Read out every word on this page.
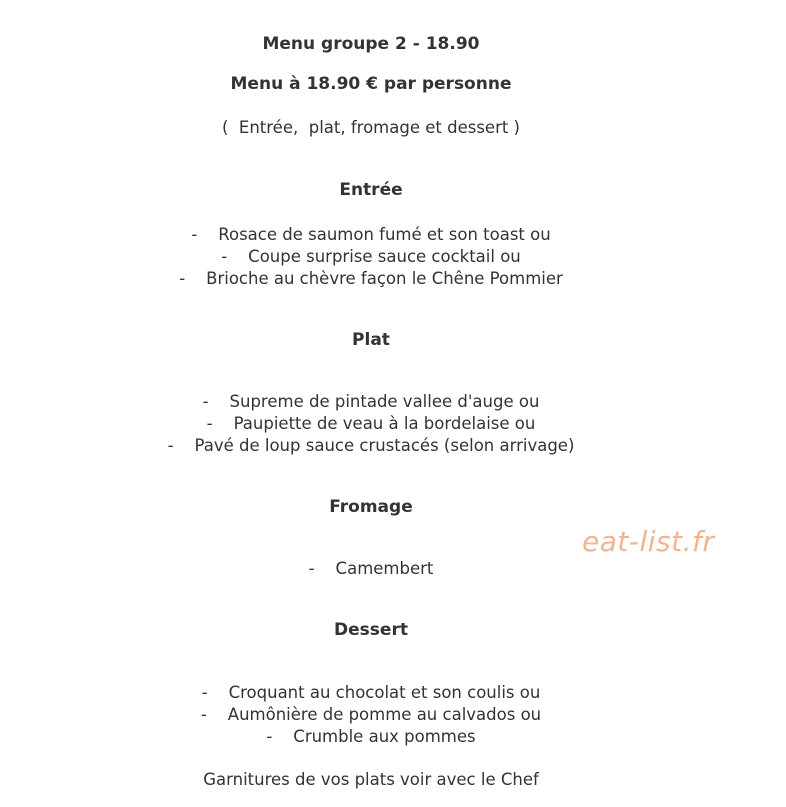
Menu groupe 2 - 18.90

Menu à 18.90 € par personne

(  Entrée,  plat, fromage et dessert )

Entrée

-    Rosace de saumon fumé et son toast ou

-    Coupe surprise sauce cocktail ou

-    Brioche au chèvre façon le Chêne Pommier

Plat

-    Supreme de pintade vallee d'auge ou

-    Paupiette de veau à la bordelaise ou

-    Pavé de loup sauce crustacés (selon arrivage)

Fromage

-    Camembert

Dessert

-    Croquant au chocolat et son coulis ou

-    Aumônière de pomme au calvados ou

-    Crumble aux pommes

Garnitures de vos plats voir avec le Chef

eat-list.fr
